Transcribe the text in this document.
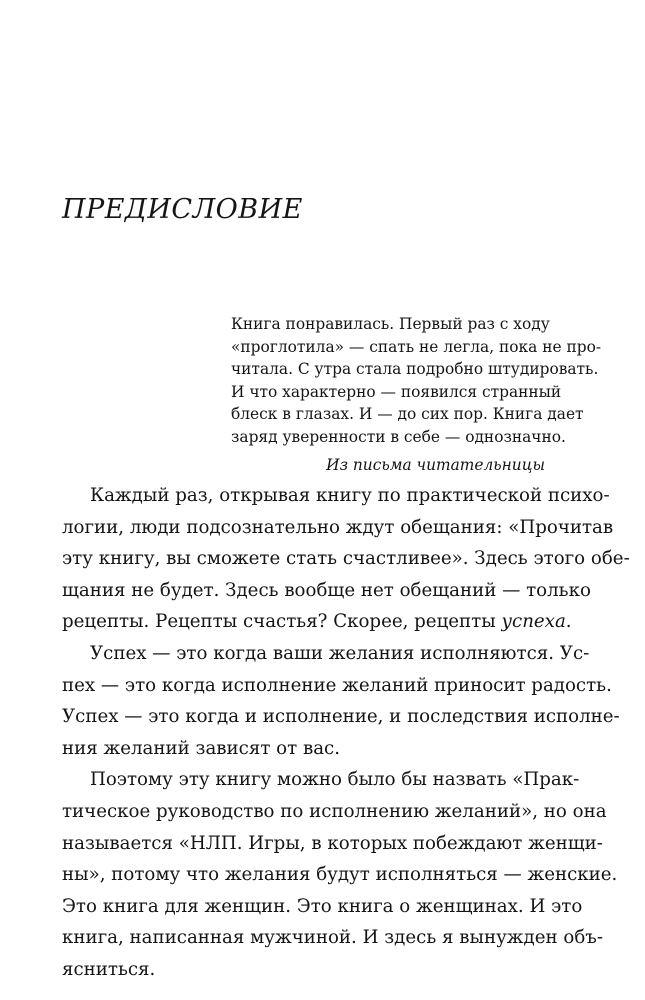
ПРЕДИСЛОВИЕ
Книга понравилась. Первый раз с ходу
«проглотила» — спать не легла, пока не про-
читала. С утра стала подробно штудировать.
И что характерно — появился странный
блеск в глазах. И — до сих пор. Книга дает
заряд уверенности в себе — однозначно.
Из письма читательницы
Каждый раз, открывая книгу по практической психо-
логии, люди подсознательно ждут обещания: «Прочитав
эту книгу, вы сможете стать счастливее». Здесь этого обе-
щания не будет. Здесь вообще нет обещаний — только
рецепты. Рецепты счастья? Скорее, рецепты успеха.
Успех — это когда ваши желания исполняются. Ус-
пех — это когда исполнение желаний приносит радость.
Успех — это когда и исполнение, и последствия исполне-
ния желаний зависят от вас.
Поэтому эту книгу можно было бы назвать «Прак-
тическое руководство по исполнению желаний», но она
называется «НЛП. Игры, в которых побеждают женщи-
ны», потому что желания будут исполняться — женские.
Это книга для женщин. Это книга о женщинах. И это
книга, написанная мужчиной. И здесь я вынужден объ-
ясниться.
